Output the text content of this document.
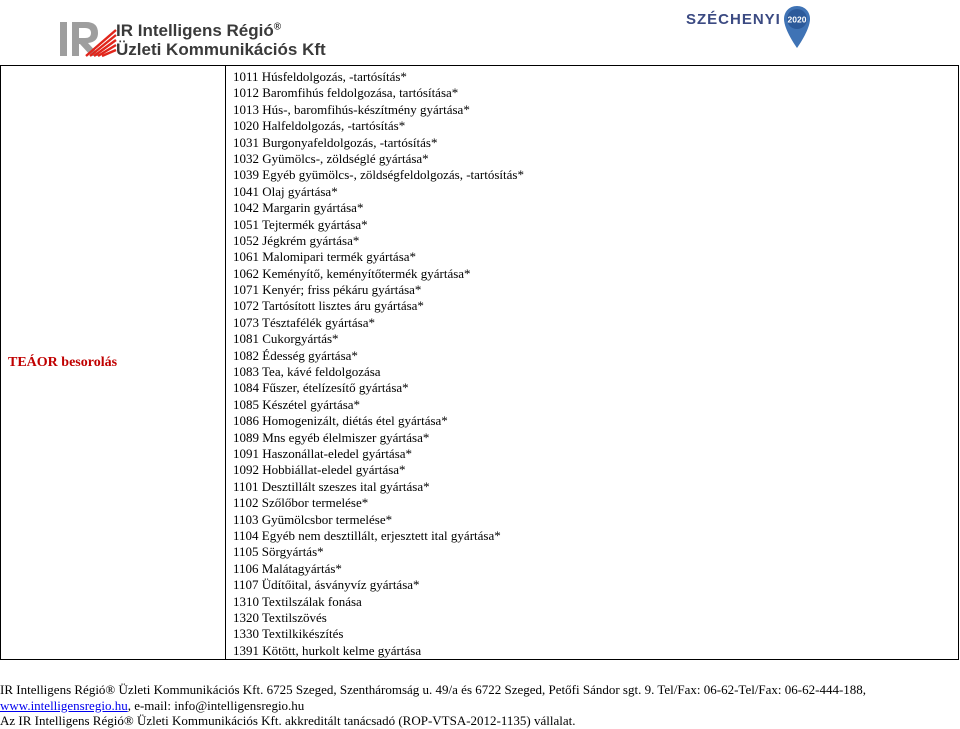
IR Intelligens Régió®
Üzleti Kommunikációs Kft
SZÉCHENYI 2020
TEÁOR besorolás

1011 Húsfeldolgozás, -tartósítás*
1012 Baromfihús feldolgozása, tartósítása*
1013 Hús-, baromfihús-készítmény gyártása*
1020 Halfeldolgozás, -tartósítás*
1031 Burgonyafeldolgozás, -tartósítás*
1032 Gyümölcs-, zöldséglé gyártása*
1039 Egyéb gyümölcs-, zöldségfeldolgozás, -tartósítás*
1041 Olaj gyártása*
1042 Margarin gyártása*
1051 Tejtermék gyártása*
1052 Jégkrém gyártása*
1061 Malomipari termék gyártása*
1062 Keményítő, keményítőtermék gyártása*
1071 Kenyér; friss pékáru gyártása*
1072 Tartósított lisztes áru gyártása*
1073 Tésztafélék gyártása*
1081 Cukorgyártás*
1082 Édesség gyártása*
1083 Tea, kávé feldolgozása
1084 Fűszer, ételízesítő gyártása*
1085 Készétel gyártása*
1086 Homogenizált, diétás étel gyártása*
1089 Mns egyéb élelmiszer gyártása*
1091 Haszonállat-eledel gyártása*
1092 Hobbiállat-eledel gyártása*
1101 Desztillált szeszes ital gyártása*
1102 Szőlőbor termelése*
1103 Gyümölcsbor termelése*
1104 Egyéb nem desztillált, erjesztett ital gyártása*
1105 Sörgyártás*
1106 Malátagyártás*
1107 Üdítőital, ásványvíz gyártása*
1310 Textilszálak fonása
1320 Textilszövés
1330 Textilkikészítés
1391 Kötött, hurkolt kelme gyártása
IR Intelligens Régió® Üzleti Kommunikációs Kft. 6725 Szeged, Szentháromság u. 49/a és 6722 Szeged, Petőfi Sándor sgt. 9. Tel/Fax: 06-62-Tel/Fax: 06-62-444-188,
www.intelligensregio.hu, e-mail: info@intelligensregio.hu
Az IR Intelligens Régió® Üzleti Kommunikációs Kft. akkreditált tanácsadó (ROP-VTSA-2012-1135) vállalat.
